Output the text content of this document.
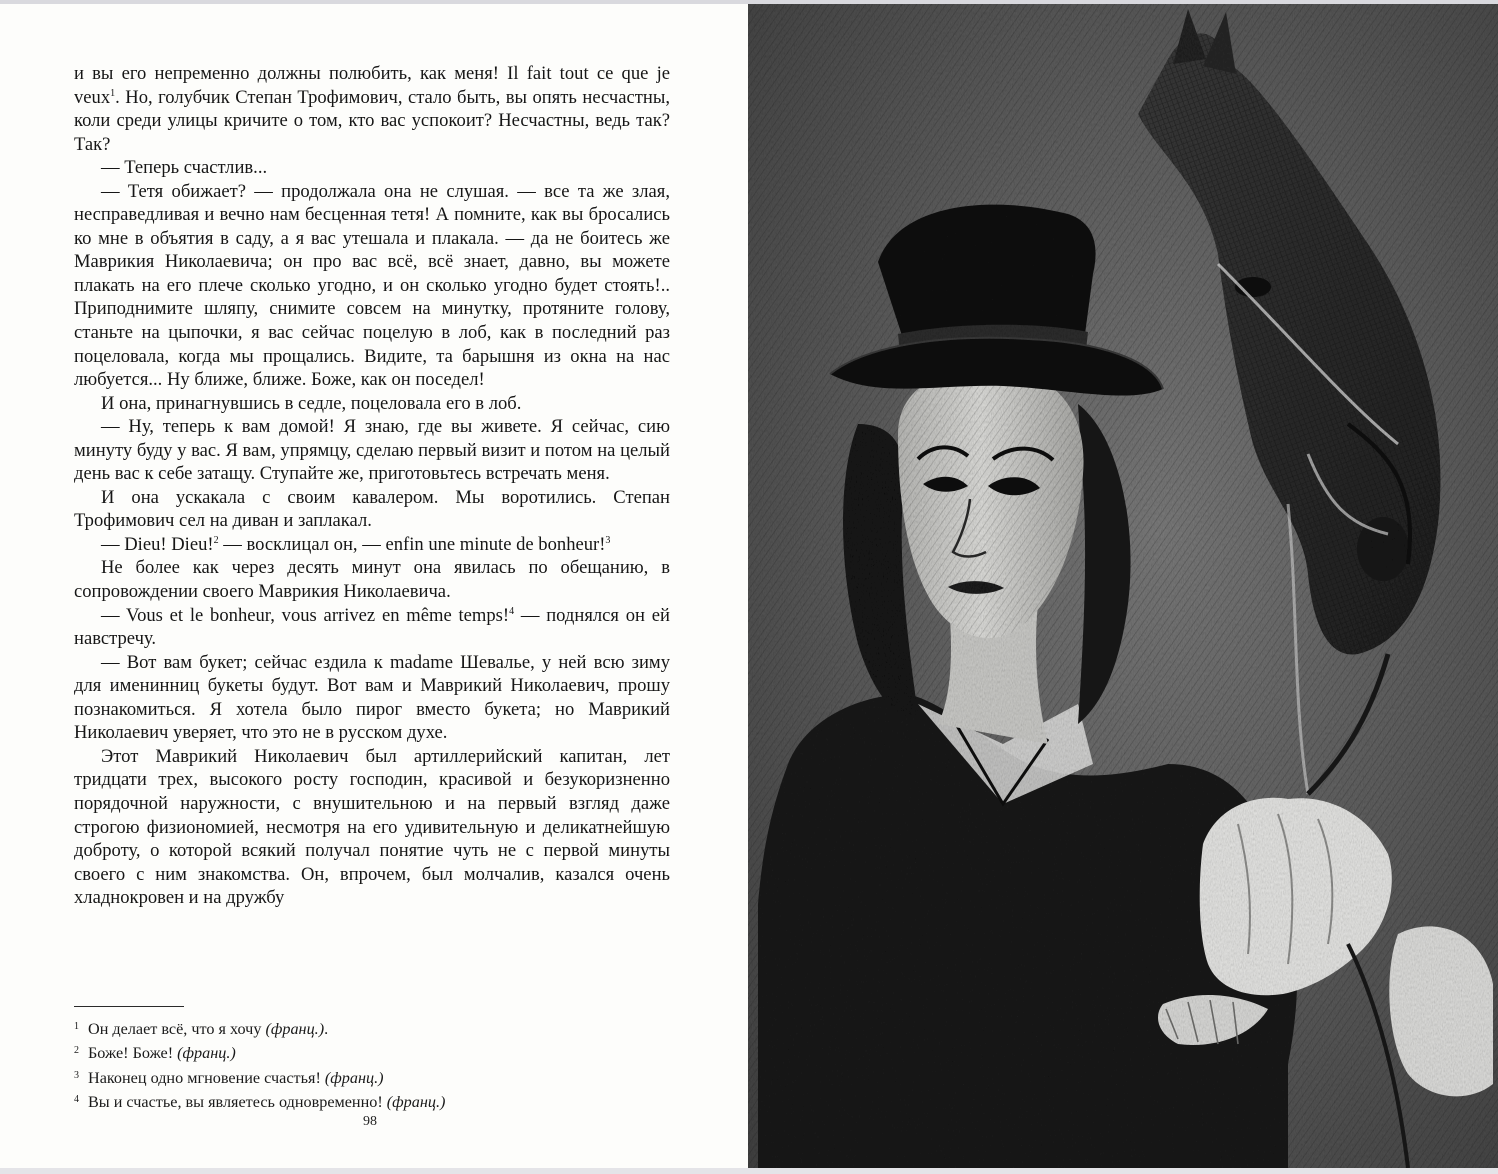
и вы его непременно должны полюбить, как меня! Il fait tout ce que je veux$^1$. Но, голубчик Степан Трофимович, стало быть, вы опять несчастны, коли среди улицы кричите о том, кто вас успокоит? Несчастны, ведь так? Так?

— Теперь счастлив...

— Тетя обижает? — продолжала она не слушая. — все та же злая, несправедливая и вечно нам бесценная тетя! А помните, как вы бросались ко мне в объятия в саду, а я вас утешала и плакала. — да не боитесь же Маврикия Николаевича; он про вас всё, всё знает, давно, вы можете плакать на его плече сколько угодно, и он сколько угодно будет стоять!.. Приподнимите шляпу, снимите совсем на минутку, протяните голову, станьте на цыпочки, я вас сейчас поцелую в лоб, как в последний раз поцеловала, когда мы прощались. Видите, та барышня из окна на нас любуется... Ну ближе, ближе. Боже, как он поседел!

И она, принагнувшись в седле, поцеловала его в лоб.

— Ну, теперь к вам домой! Я знаю, где вы живете. Я сейчас, сию минуту буду у вас. Я вам, упрямцу, сделаю первый визит и потом на целый день вас к себе затащу. Ступайте же, приготовьтесь встречать меня.

И она ускакала с своим кавалером. Мы воротились. Степан Трофимович сел на диван и заплакал.

— Dieu! Dieu!$^2$ — восклицал он, — enfin une minute de bonheur!$^3$

Не более как через десять минут она явилась по обещанию, в сопровождении своего Маврикия Николаевича.

— Vous et le bonheur, vous arrivez en même temps!$^4$ — поднялся он ей навстречу.

— Вот вам букет; сейчас ездила к madame Шевалье, у ней всю зиму для именинниц букеты будут. Вот вам и Маврикий Николаевич, прошу познакомиться. Я хотела было пирог вместо букета; но Маврикий Николаевич уверяет, что это не в русском духе.

Этот Маврикий Николаевич был артиллерийский капитан, лет тридцати трех, высокого росту господин, красивой и безукоризненно порядочной наружности, с внушительною и на первый взгляд даже строгою физиономией, несмотря на его удивительную и деликатнейшую доброту, о которой всякий получал понятие чуть не с первой минуты своего с ним знакомства. Он, впрочем, был молчалив, казался очень хладнокровен и на дружбу

1 Он делает всё, что я хочу (франц.).

2 Боже! Боже! (франц.)

3 Наконец одно мгновение счастья! (франц.)

4 Вы и счастье, вы являетесь одновременно! (франц.)

98
